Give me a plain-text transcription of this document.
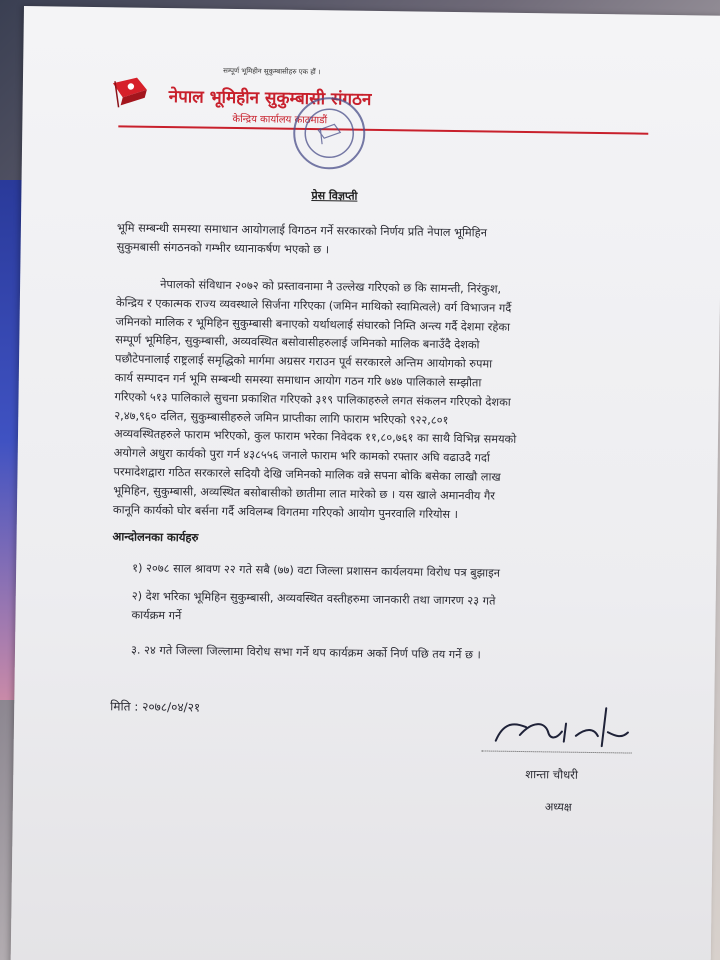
सम्पूर्ण भूमिहीन सुकुम्बासीहरु एक हौं ।
नेपाल भूमिहीन सुकुम्बासी संगठन
केन्द्रिय कार्यालय काठमाडौं
प्रेस विज्ञप्ती
भूमि सम्बन्धी समस्या समाधान आयोगलाई विगठन गर्ने सरकारको निर्णय प्रति नेपाल भूमिहिन
सुकुमबासी संगठनको गम्भीर ध्यानाकर्षण भएको छ ।
नेपालको संविधान २०७२ को प्रस्तावनामा नै उल्लेख गरिएको छ कि सामन्ती, निरंकुश,
केन्द्रिय र एकात्मक राज्य व्यवस्थाले सिर्जना गरिएका (जमिन माथिको स्वामित्वले) वर्ग विभाजन गर्दै
जमिनको मालिक र भूमिहिन सुकुम्बासी बनाएको यर्थाथलाई संघारको निम्ति अन्त्य गर्दै देशमा रहेका
सम्पूर्ण भूमिहिन, सुकुम्बासी, अव्यवस्थित बसोवासीहरुलाई जमिनको मालिक बनाउँदै देशको
पछौटेपनालाई राष्ट्रलाई समृद्धिको मार्गमा अग्रसर गराउन पूर्व सरकारले अन्तिम आयोगको रुपमा
कार्य सम्पादन गर्न भूमि सम्बन्धी समस्या समाधान आयोग गठन गरि ७४७ पालिकाले सम्झौता
गरिएको ५१३ पालिकाले सुचना प्रकाशित गरिएको ३१९ पालिकाहरुले लगत संकलन गरिएको देशका
२,४७,९६० दलित, सुकुम्बासीहरुले जमिन प्राप्तीका लागि फाराम भरिएको ९२२,८०१
अव्यवस्थितहरुले फाराम भरिएको, कुल फाराम भरेका निवेदक ११,८०,७६१ का साथै विभिन्न समयको
अयोगले अधुरा कार्यको पुरा गर्न ४३८५५६ जनाले फाराम भरि कामको रफ्तार अघि वढाउदै गर्दा
परमादेशद्वारा गठित सरकारले सदियौ देखि जमिनको मालिक वन्ने सपना बोकि बसेका लाखौ लाख
भूमिहिन, सुकुम्बासी, अव्यस्थित बसोबासीको छातीमा लात मारेको छ । यस खाले अमानवीय गैर
कानूनि कार्यको घोर बर्सना गर्दै अविलम्ब विगतमा गरिएको आयोग पुनरवालि गरियोस ।
आन्दोलनका कार्यहरु
१) २०७८ साल श्रावण २२ गते सबै (७७) वटा जिल्ला प्रशासन कार्यलयमा विरोध पत्र बुझाइन
२) देश भरिका भूमिहिन सुकुम्बासी, अव्यवस्थित वस्तीहरुमा जानकारी तथा जागरण २३ गते
कार्यक्रम गर्ने
३. २४ गते जिल्ला जिल्लामा विरोध सभा गर्ने थप कार्यक्रम अर्को निर्ण पछि तय गर्ने छ ।
मिति : २०७८/०४/२१
शान्ता चौधरी
अध्यक्ष
